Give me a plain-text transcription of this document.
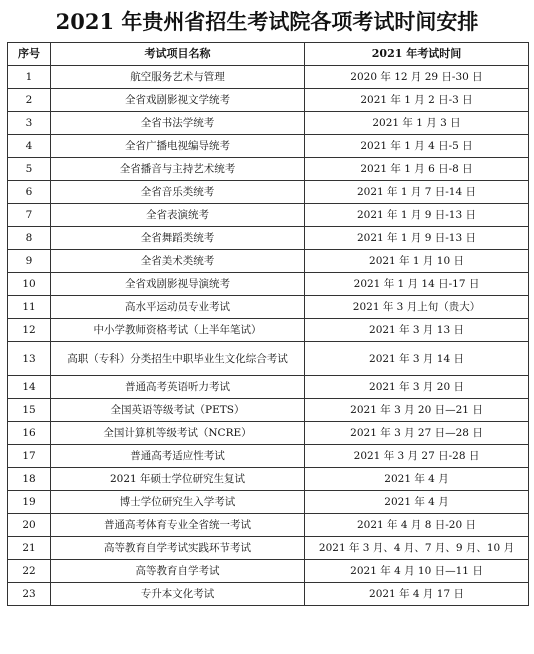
2021 年贵州省招生考试院各项考试时间安排
序号	考试项目名称	2021 年考试时间
1	航空服务艺术与管理	2020 年 12 月 29 日-30 日
2	全省戏剧影视文学统考	2021 年 1 月 2 日-3 日
3	全省书法学统考	2021 年 1 月 3 日
4	全省广播电视编导统考	2021 年 1 月 4 日-5 日
5	全省播音与主持艺术统考	2021 年 1 月 6 日-8 日
6	全省音乐类统考	2021 年 1 月 7 日-14 日
7	全省表演统考	2021 年 1 月 9 日-13 日
8	全省舞蹈类统考	2021 年 1 月 9 日-13 日
9	全省美术类统考	2021 年 1 月 10 日
10	全省戏剧影视导演统考	2021 年 1 月 14 日-17 日
11	高水平运动员专业考试	2021 年 3 月上旬（贵大）
12	中小学教师资格考试（上半年笔试）	2021 年 3 月 13 日
13	高职（专科）分类招生中职毕业生文化综合考试	2021 年 3 月 14 日
14	普通高考英语听力考试	2021 年 3 月 20 日
15	全国英语等级考试（PETS）	2021 年 3 月 20 日—21 日
16	全国计算机等级考试（NCRE）	2021 年 3 月 27 日—28 日
17	普通高考适应性考试	2021 年 3 月 27 日-28 日
18	2021 年硕士学位研究生复试	2021 年 4 月
19	博士学位研究生入学考试	2021 年 4 月
20	普通高考体育专业全省统一考试	2021 年 4 月 8 日-20 日
21	高等教育自学考试实践环节考试	2021 年 3 月、4 月、7 月、9 月、10 月
22	高等教育自学考试	2021 年 4 月 10 日—11 日
23	专升本文化考试	2021 年 4 月 17 日
